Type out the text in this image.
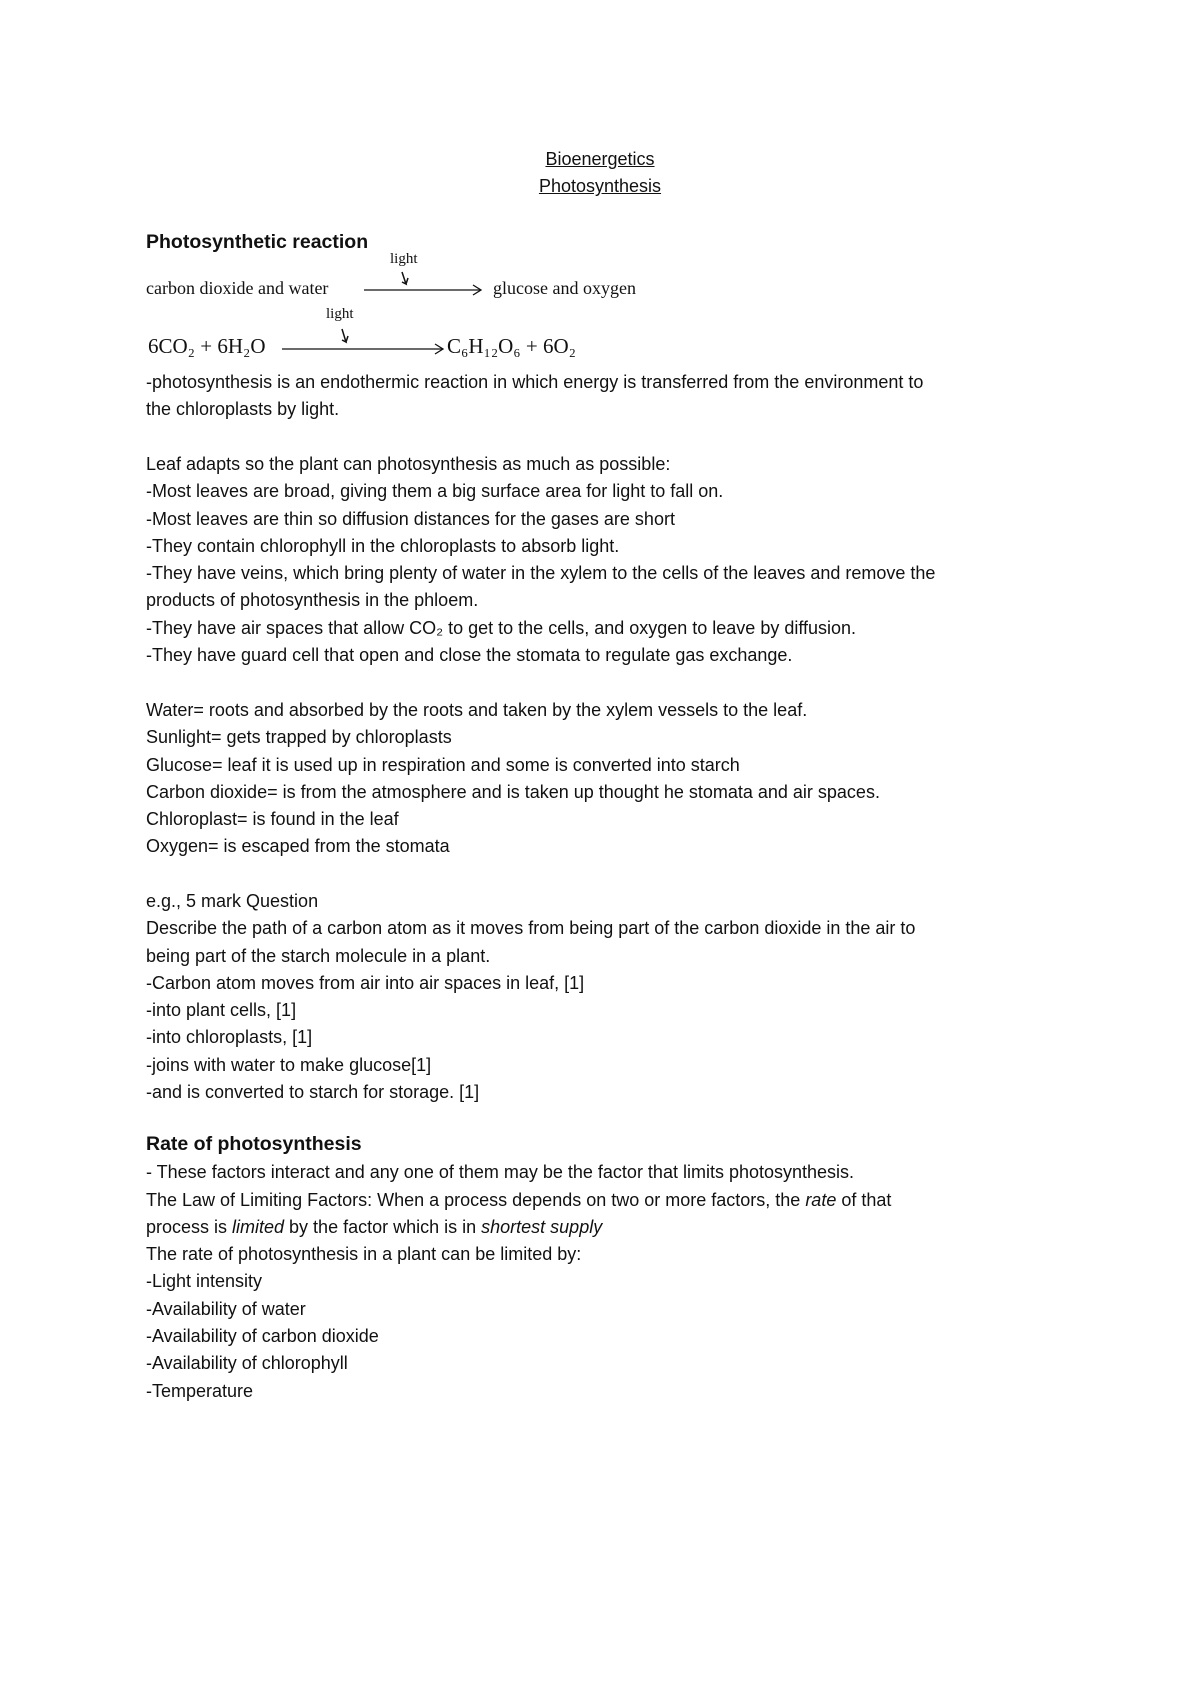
Bioenergetics
Photosynthesis
Photosynthetic reaction
light
carbon dioxide and water	glucose and oxygen
light
6CO₂ + 6H₂O	C₆H₁₂O₆ + 6O₂
-photosynthesis is an endothermic reaction in which energy is transferred from the environment to
the chloroplasts by light.
Leaf adapts so the plant can photosynthesis as much as possible:
-Most leaves are broad, giving them a big surface area for light to fall on.
-Most leaves are thin so diffusion distances for the gases are short
-They contain chlorophyll in the chloroplasts to absorb light.
-They have veins, which bring plenty of water in the xylem to the cells of the leaves and remove the
products of photosynthesis in the phloem.
-They have air spaces that allow CO₂ to get to the cells, and oxygen to leave by diffusion.
-They have guard cell that open and close the stomata to regulate gas exchange.
Water= roots and absorbed by the roots and taken by the xylem vessels to the leaf.
Sunlight= gets trapped by chloroplasts
Glucose= leaf it is used up in respiration and some is converted into starch
Carbon dioxide= is from the atmosphere and is taken up thought he stomata and air spaces.
Chloroplast= is found in the leaf
Oxygen= is escaped from the stomata
e.g., 5 mark Question
Describe the path of a carbon atom as it moves from being part of the carbon dioxide in the air to
being part of the starch molecule in a plant.
-Carbon atom moves from air into air spaces in leaf, [1]
-into plant cells, [1]
-into chloroplasts, [1]
-joins with water to make glucose[1]
-and is converted to starch for storage. [1]
Rate of photosynthesis
- These factors interact and any one of them may be the factor that limits photosynthesis.
The Law of Limiting Factors: When a process depends on two or more factors, the rate of that
process is limited by the factor which is in shortest supply
The rate of photosynthesis in a plant can be limited by:
-Light intensity
-Availability of water
-Availability of carbon dioxide
-Availability of chlorophyll
-Temperature
